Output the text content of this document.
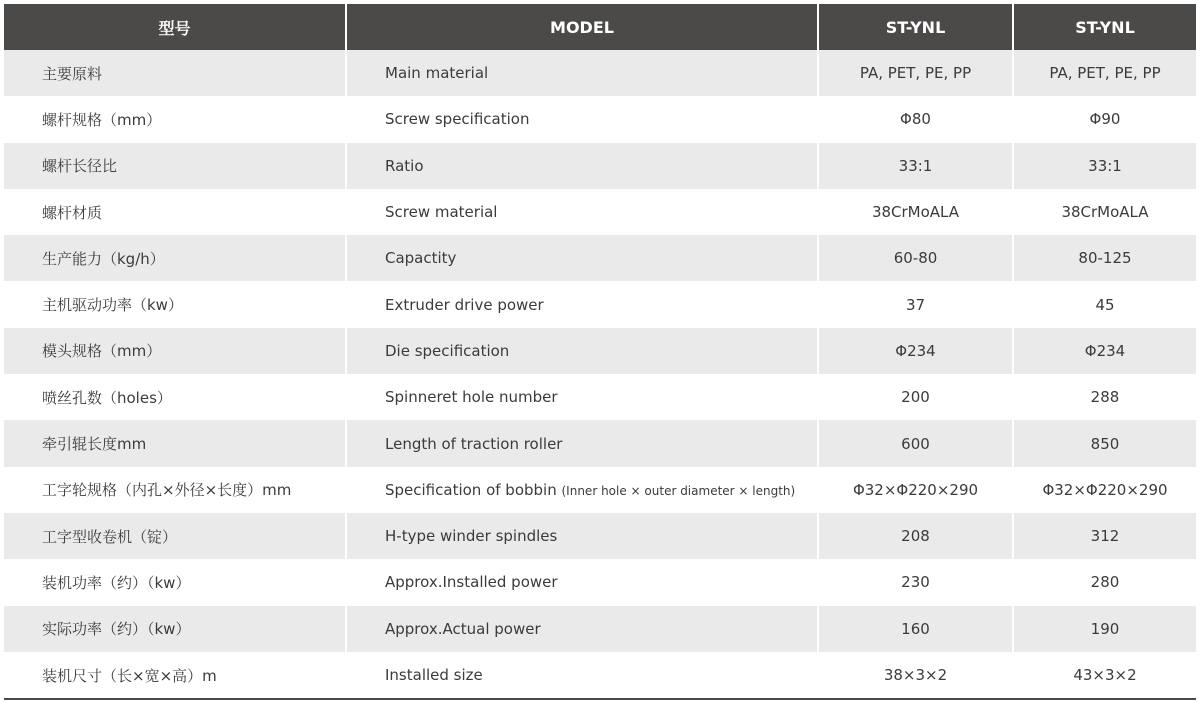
型号	MODEL	ST-YNL	ST-YNL
主要原料	Main material	PA, PET, PE, PP	PA, PET, PE, PP
螺杆规格（mm）	Screw specification	Φ80	Φ90
螺杆长径比	Ratio	33:1	33:1
螺杆材质	Screw material	38CrMoALA	38CrMoALA
生产能力（kg/h）	Capactity	60-80	80-125
主机驱动功率（kw）	Extruder drive power	37	45
模头规格（mm）	Die specification	Φ234	Φ234
喷丝孔数（holes）	Spinneret hole number	200	288
牵引辊长度mm	Length of traction roller	600	850
工字轮规格（内孔×外径×长度）mm	Specification of bobbin (Inner hole × outer diameter × length)	Φ32×Φ220×290	Φ32×Φ220×290
工字型收卷机（锭）	H-type winder spindles	208	312
装机功率（约）（kw）	Approx.Installed power	230	280
实际功率（约）（kw）	Approx.Actual power	160	190
装机尺寸（长×宽×高）m	Installed size	38×3×2	43×3×2
